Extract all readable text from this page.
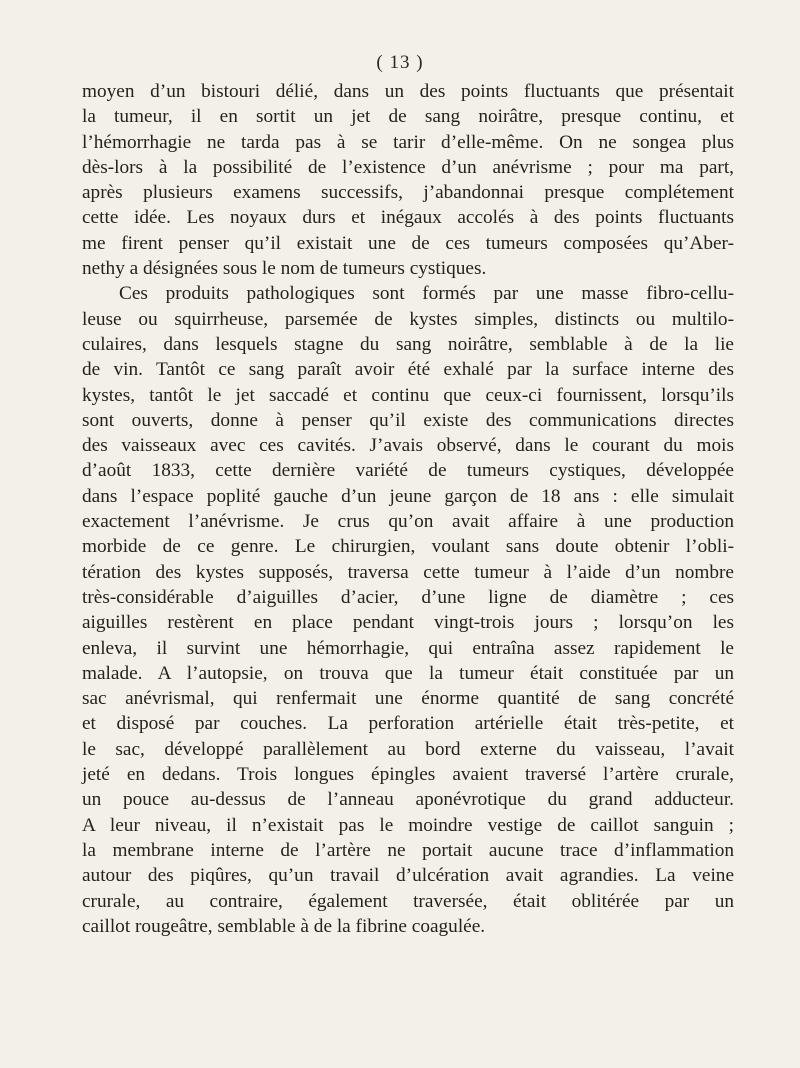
( 13 )
moyen d’un bistouri délié, dans un des points fluctuants que présentait
la tumeur, il en sortit un jet de sang noirâtre, presque continu, et
l’hémorrhagie ne tarda pas à se tarir d’elle-même. On ne songea plus
dès-lors à la possibilité de l’existence d’un anévrisme ; pour ma part,
après plusieurs examens successifs, j’abandonnai presque complétement
cette idée. Les noyaux durs et inégaux accolés à des points fluctuants
me firent penser qu’il existait une de ces tumeurs composées qu’Aber-
nethy a désignées sous le nom de tumeurs cystiques.
Ces produits pathologiques sont formés par une masse fibro-cellu-
leuse ou squirrheuse, parsemée de kystes simples, distincts ou multilo-
culaires, dans lesquels stagne du sang noirâtre, semblable à de la lie
de vin. Tantôt ce sang paraît avoir été exhalé par la surface interne des
kystes, tantôt le jet saccadé et continu que ceux-ci fournissent, lorsqu’ils
sont ouverts, donne à penser qu’il existe des communications directes
des vaisseaux avec ces cavités. J’avais observé, dans le courant du mois
d’août 1833, cette dernière variété de tumeurs cystiques, développée
dans l’espace poplité gauche d’un jeune garçon de 18 ans : elle simulait
exactement l’anévrisme. Je crus qu’on avait affaire à une production
morbide de ce genre. Le chirurgien, voulant sans doute obtenir l’obli-
tération des kystes supposés, traversa cette tumeur à l’aide d’un nombre
très-considérable d’aiguilles d’acier, d’une ligne de diamètre ; ces
aiguilles restèrent en place pendant vingt-trois jours ; lorsqu’on les
enleva, il survint une hémorrhagie, qui entraîna assez rapidement le
malade. A l’autopsie, on trouva que la tumeur était constituée par un
sac anévrismal, qui renfermait une énorme quantité de sang concrété
et disposé par couches. La perforation artérielle était très-petite, et
le sac, développé parallèlement au bord externe du vaisseau, l’avait
jeté en dedans. Trois longues épingles avaient traversé l’artère crurale,
un pouce au-dessus de l’anneau aponévrotique du grand adducteur.
A leur niveau, il n’existait pas le moindre vestige de caillot sanguin ;
la membrane interne de l’artère ne portait aucune trace d’inflammation
autour des piqûres, qu’un travail d’ulcération avait agrandies. La veine
crurale, au contraire, également traversée, était oblitérée par un
caillot rougeâtre, semblable à de la fibrine coagulée.
